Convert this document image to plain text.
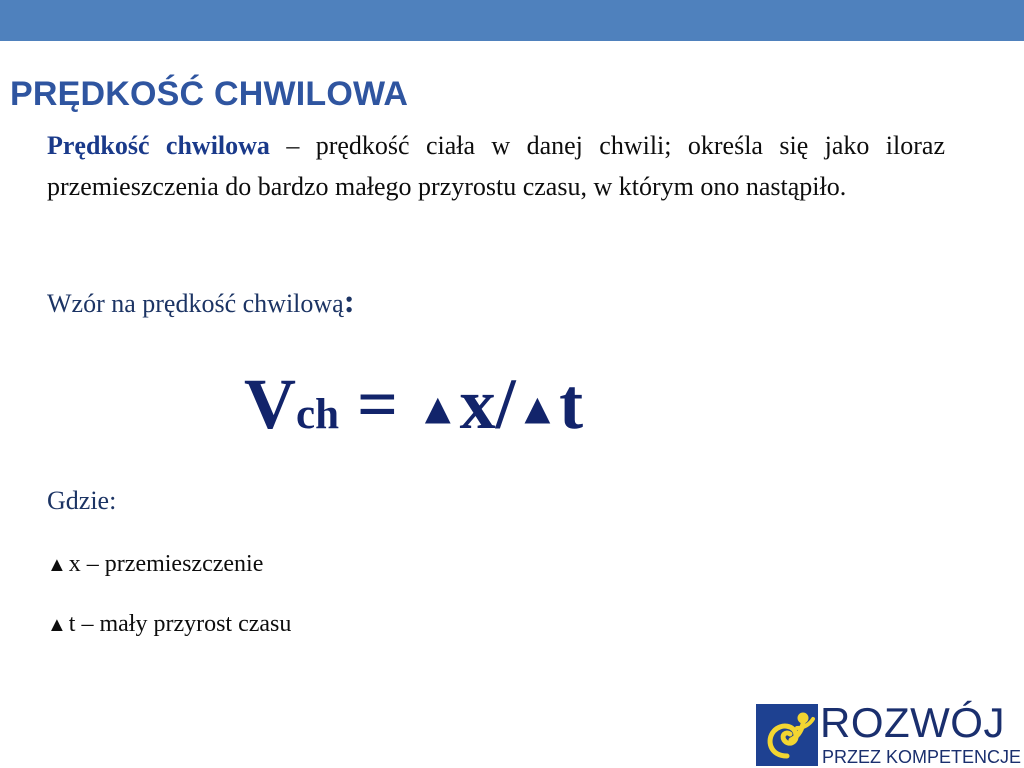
PRĘDKOŚĆ CHWILOWA

Prędkość chwilowa – prędkość ciała w danej chwili; określa się jako iloraz przemieszczenia do bardzo małego przyrostu czasu, w którym ono nastąpiło.

Wzór na prędkość chwilową:

Vch = ▲x/▲t

Gdzie:

▲x – przemieszczenie

▲t – mały przyrost czasu

ROZWÓJ
PRZEZ KOMPETENCJE
